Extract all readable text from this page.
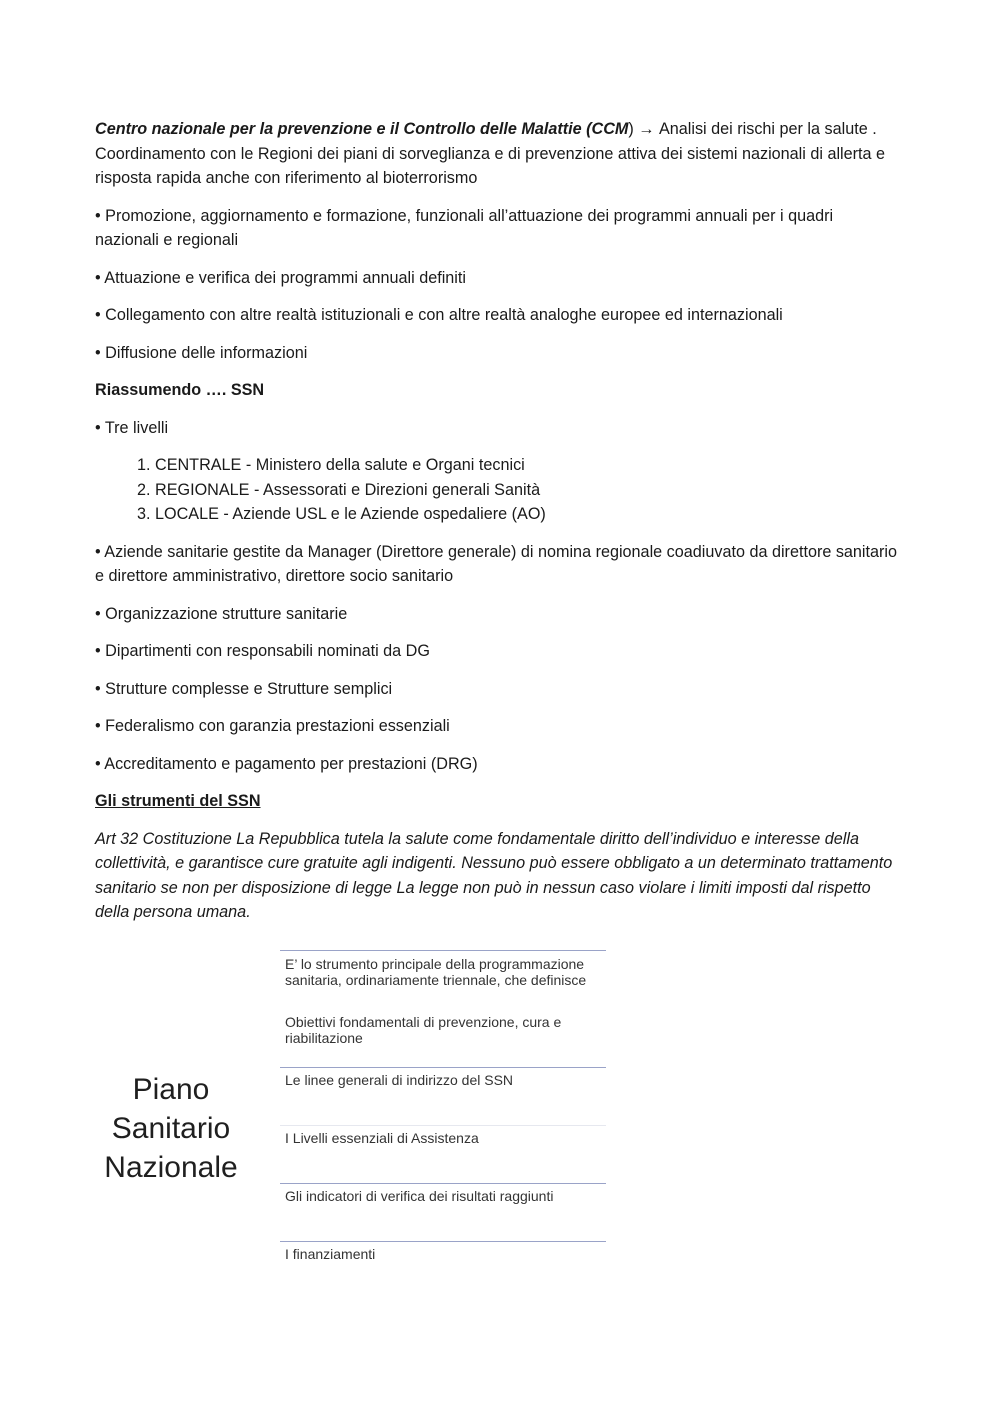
Centro nazionale per la prevenzione e il Controllo delle Malattie (CCM) → Analisi dei rischi per la salute . Coordinamento con le Regioni dei piani di sorveglianza e di prevenzione attiva dei sistemi nazionali di allerta e risposta rapida anche con riferimento al bioterrorismo

• Promozione, aggiornamento e formazione, funzionali all’attuazione dei programmi annuali per i quadri nazionali e regionali

• Attuazione e verifica dei programmi annuali definiti

• Collegamento con altre realtà istituzionali e con altre realtà analoghe europee ed internazionali

• Diffusione delle informazioni

Riassumendo …. SSN

• Tre livelli

1. CENTRALE - Ministero della salute e Organi tecnici
2. REGIONALE - Assessorati e Direzioni generali Sanità
3. LOCALE - Aziende USL e le Aziende ospedaliere (AO)

• Aziende sanitarie gestite da Manager (Direttore generale) di nomina regionale coadiuvato da direttore sanitario e direttore amministrativo, direttore socio sanitario

• Organizzazione strutture sanitarie

• Dipartimenti con responsabili nominati da DG

• Strutture complesse e Strutture semplici

• Federalismo con garanzia prestazioni essenziali

• Accreditamento e pagamento per prestazioni (DRG)

Gli strumenti del SSN

Art 32 Costituzione La Repubblica tutela la salute come fondamentale diritto dell’individuo e interesse della collettività, e garantisce cure gratuite agli indigenti. Nessuno può essere obbligato a un determinato trattamento sanitario se non per disposizione di legge La legge non può in nessun caso violare i limiti imposti dal rispetto della persona umana.

Piano Sanitario Nazionale
E’ lo strumento principale della programmazione sanitaria, ordinariamente triennale, che definisce
Obiettivi fondamentali di prevenzione, cura e riabilitazione
Le linee generali di indirizzo del SSN
I Livelli essenziali di Assistenza
Gli indicatori di verifica dei risultati raggiunti
I finanziamenti
